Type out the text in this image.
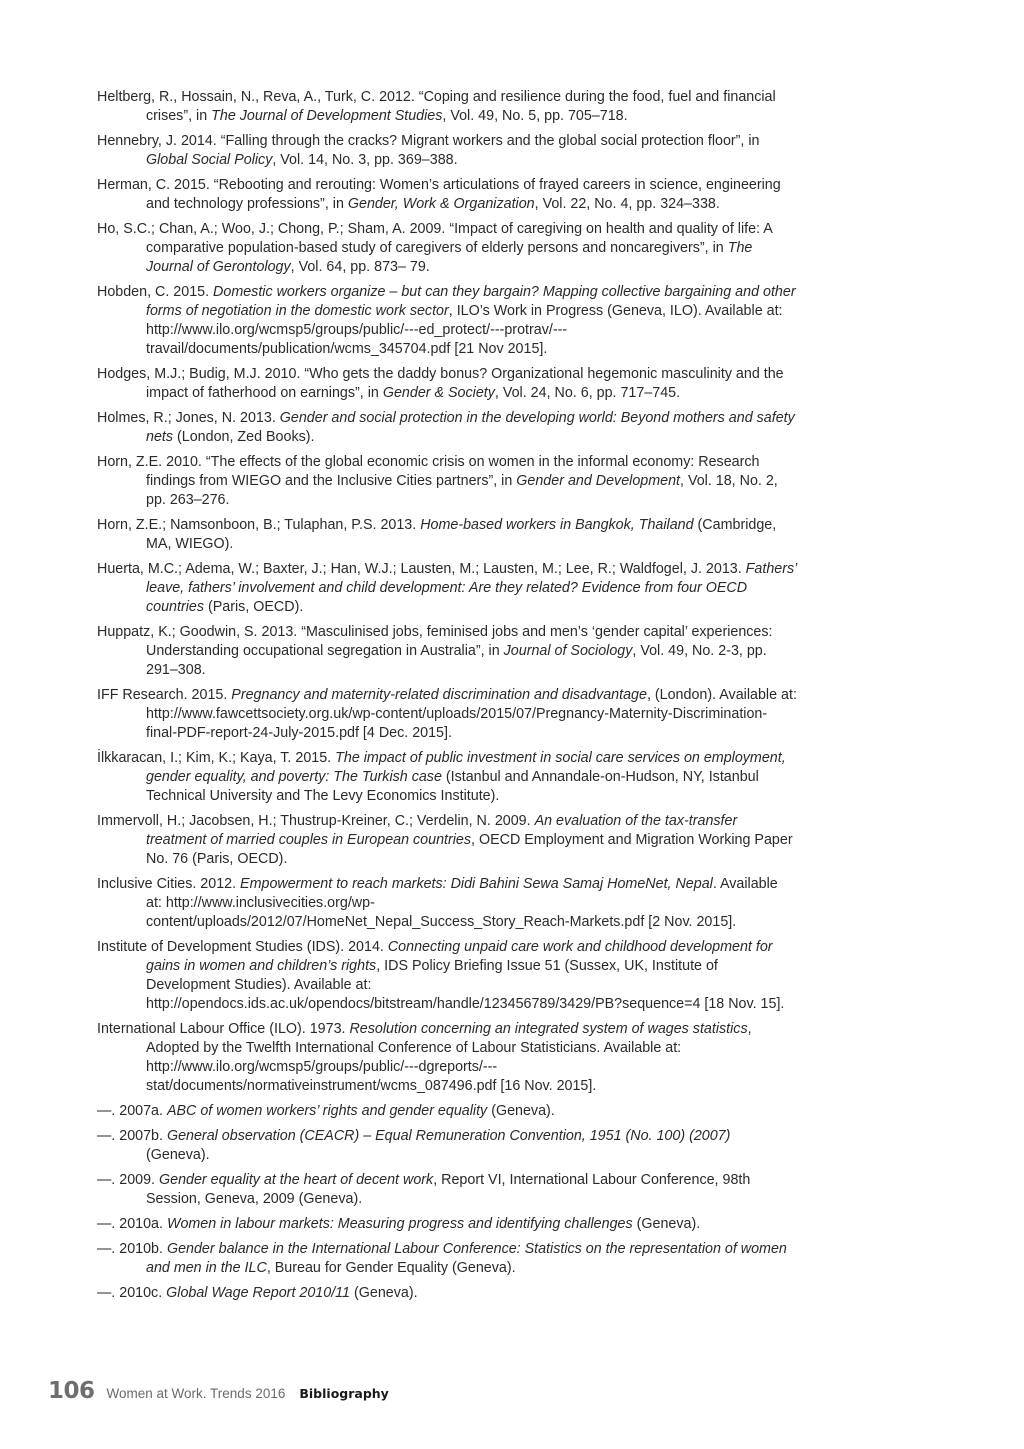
Heltberg, R., Hossain, N., Reva, A., Turk, C. 2012. “Coping and resilience during the food, fuel and financial crises”, in The Journal of Development Studies, Vol. 49, No. 5, pp. 705–718.

Hennebry, J. 2014. “Falling through the cracks? Migrant workers and the global social protection floor”, in Global Social Policy, Vol. 14, No. 3, pp. 369–388.

Herman, C. 2015. “Rebooting and rerouting: Women’s articulations of frayed careers in science, engineering and technology professions”, in Gender, Work & Organization, Vol. 22, No. 4, pp. 324–338.

Ho, S.C.; Chan, A.; Woo, J.; Chong, P.; Sham, A. 2009. “Impact of caregiving on health and quality of life: A comparative population-based study of caregivers of elderly persons and noncaregivers”, in The Journal of Gerontology, Vol. 64, pp. 873– 79.

Hobden, C. 2015. Domestic workers organize – but can they bargain? Mapping collective bargaining and other forms of negotiation in the domestic work sector, ILO’s Work in Progress (Geneva, ILO). Available at: http://www.ilo.org/wcmsp5/groups/public/---ed_protect/---protrav/---travail/documents/publication/wcms_345704.pdf [21 Nov 2015].

Hodges, M.J.; Budig, M.J. 2010. “Who gets the daddy bonus? Organizational hegemonic masculinity and the impact of fatherhood on earnings”, in Gender & Society, Vol. 24, No. 6, pp. 717–745.

Holmes, R.; Jones, N. 2013. Gender and social protection in the developing world: Beyond mothers and safety nets (London, Zed Books).

Horn, Z.E. 2010. “The effects of the global economic crisis on women in the informal economy: Research findings from WIEGO and the Inclusive Cities partners”, in Gender and Development, Vol. 18, No. 2, pp. 263–276.

Horn, Z.E.; Namsonboon, B.; Tulaphan, P.S. 2013. Home-based workers in Bangkok, Thailand (Cambridge, MA, WIEGO).

Huerta, M.C.; Adema, W.; Baxter, J.; Han, W.J.; Lausten, M.; Lausten, M.; Lee, R.; Waldfogel, J. 2013. Fathers’ leave, fathers’ involvement and child development: Are they related? Evidence from four OECD countries (Paris, OECD).

Huppatz, K.; Goodwin, S. 2013. “Masculinised jobs, feminised jobs and men’s ‘gender capital’ experiences: Understanding occupational segregation in Australia”, in Journal of Sociology, Vol. 49, No. 2-3, pp. 291–308.

IFF Research. 2015. Pregnancy and maternity-related discrimination and disadvantage, (London). Available at: http://www.fawcettsociety.org.uk/wp-content/uploads/2015/07/Pregnancy-Maternity-Discrimination-final-PDF-report-24-July-2015.pdf [4 Dec. 2015].

İlkkaracan, I.; Kim, K.; Kaya, T. 2015. The impact of public investment in social care services on employment, gender equality, and poverty: The Turkish case (Istanbul and Annandale-on-Hudson, NY, Istanbul Technical University and The Levy Economics Institute).

Immervoll, H.; Jacobsen, H.; Thustrup-Kreiner, C.; Verdelin, N. 2009. An evaluation of the tax-transfer treatment of married couples in European countries, OECD Employment and Migration Working Paper No. 76 (Paris, OECD).

Inclusive Cities. 2012. Empowerment to reach markets: Didi Bahini Sewa Samaj HomeNet, Nepal. Available at: http://www.inclusivecities.org/wp-content/uploads/2012/07/HomeNet_Nepal_Success_Story_Reach-Markets.pdf [2 Nov. 2015].

Institute of Development Studies (IDS). 2014. Connecting unpaid care work and childhood development for gains in women and children’s rights, IDS Policy Briefing Issue 51 (Sussex, UK, Institute of Development Studies). Available at: http://opendocs.ids.ac.uk/opendocs/bitstream/handle/123456789/3429/PB?sequence=4 [18 Nov. 15].

International Labour Office (ILO). 1973. Resolution concerning an integrated system of wages statistics, Adopted by the Twelfth International Conference of Labour Statisticians. Available at: http://www.ilo.org/wcmsp5/groups/public/---dgreports/---stat/documents/normativeinstrument/wcms_087496.pdf [16 Nov. 2015].

—. 2007a. ABC of women workers’ rights and gender equality (Geneva).

—. 2007b. General observation (CEACR) – Equal Remuneration Convention, 1951 (No. 100) (2007) (Geneva).

—. 2009. Gender equality at the heart of decent work, Report VI, International Labour Conference, 98th Session, Geneva, 2009 (Geneva).

—. 2010a. Women in labour markets: Measuring progress and identifying challenges (Geneva).

—. 2010b. Gender balance in the International Labour Conference: Statistics on the representation of women and men in the ILC, Bureau for Gender Equality (Geneva).

—. 2010c. Global Wage Report 2010/11 (Geneva).

106 Women at Work. Trends 2016 Bibliography
